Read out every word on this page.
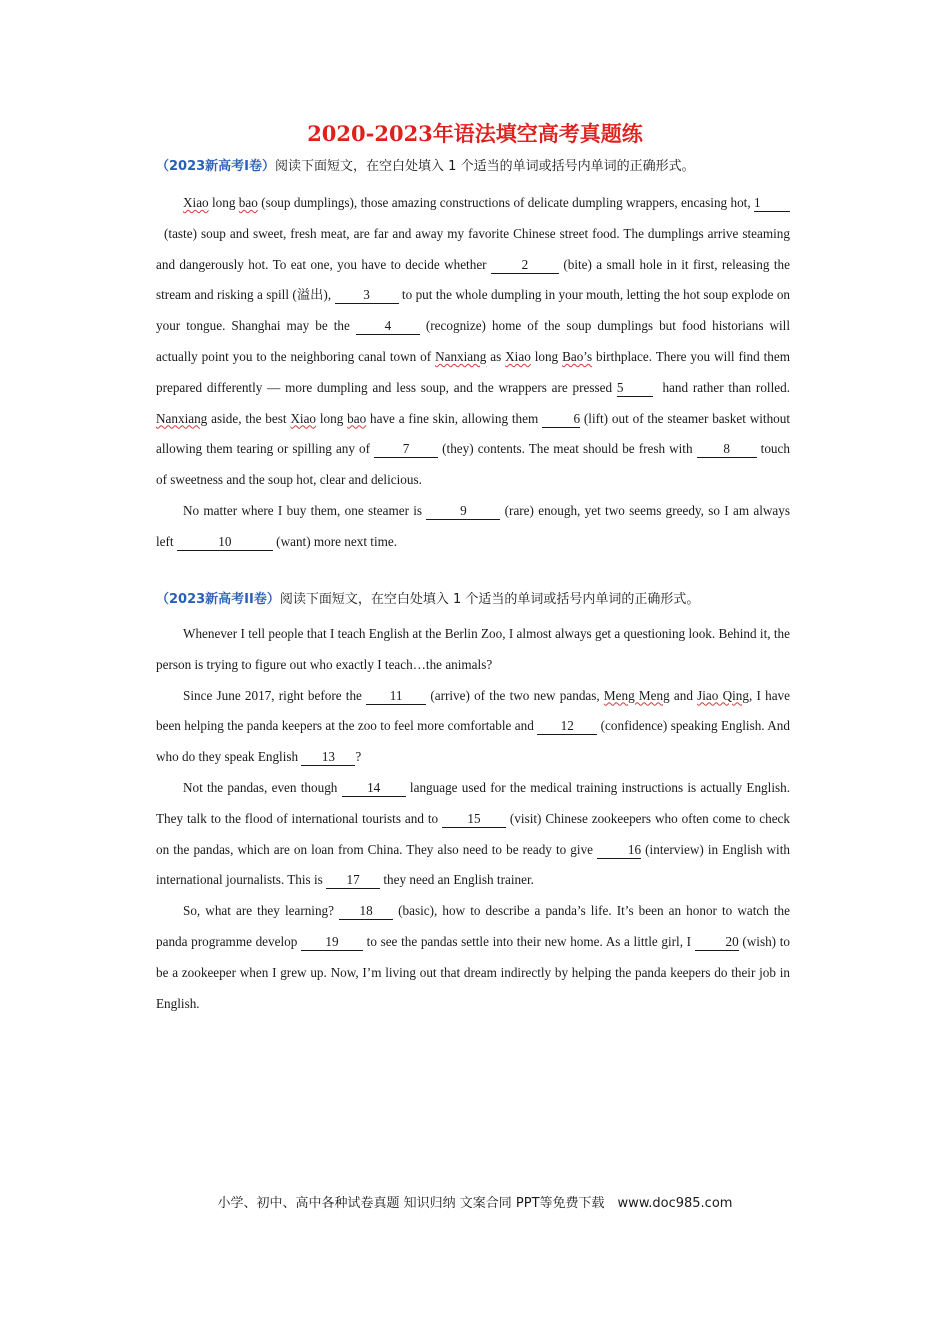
2020-2023年语法填空高考真题练
（2023新高考I卷）阅读下面短文，在空白处填入 1 个适当的单词或括号内单词的正确形式。

Xiao long bao (soup dumplings), those amazing constructions of delicate dumpling wrappers, encasing hot, 1  (taste) soup and sweet, fresh meat, are far and away my favorite Chinese street food. The dumplings arrive steaming and dangerously hot. To eat one, you have to decide whether 2 (bite) a small hole in it first, releasing the stream and risking a spill (溢出), 3 to put the whole dumpling in your mouth, letting the hot soup explode on your tongue. Shanghai may be the 4 (recognize) home of the soup dumplings but food historians will actually point you to the neighboring canal town of Nanxiang as Xiao long Bao’s birthplace. There you will find them prepared differently — more dumpling and less soup, and the wrappers are pressed 5  hand rather than rolled. Nanxiang aside, the best Xiao long bao have a fine skin, allowing them 6 (lift) out of the steamer basket without allowing them tearing or spilling any of 7 (they) contents. The meat should be fresh with 8 touch of sweetness and the soup hot, clear and delicious.

No matter where I buy them, one steamer is	9	(rare) enough, yet two seems greedy, so I am always left	10	(want) more next time.

（2023新高考II卷）阅读下面短文，在空白处填入 1 个适当的单词或括号内单词的正确形式。

Whenever I tell people that I teach English at the Berlin Zoo, I almost always get a questioning look. Behind it, the person is trying to figure out who exactly I teach…the animals?

Since June 2017, right before the 11 (arrive) of the two new pandas, Meng Meng and Jiao Qing, I have been helping the panda keepers at the zoo to feel more comfortable and 12 (confidence) speaking English. And who do they speak English 13 ?

Not the pandas, even though 14 language used for the medical training instructions is actually English. They talk to the flood of international tourists and to 15 (visit) Chinese zookeepers who often come to check on the pandas, which are on loan from China. They also need to be ready to give 16 (interview) in English with international journalists. This is 17 they need an English trainer.

So, what are they learning? 18 (basic), how to describe a panda’s life. It’s been an honor to watch the panda programme develop 19 to see the pandas settle into their new home. As a little girl, I 20 (wish) to be a zookeeper when I grew up. Now, I’m living out that dream indirectly by helping the panda keepers do their job in English.

小学、初中、高中各种试卷真题 知识归纳 文案合同 PPT等免费下载　www.doc985.com
